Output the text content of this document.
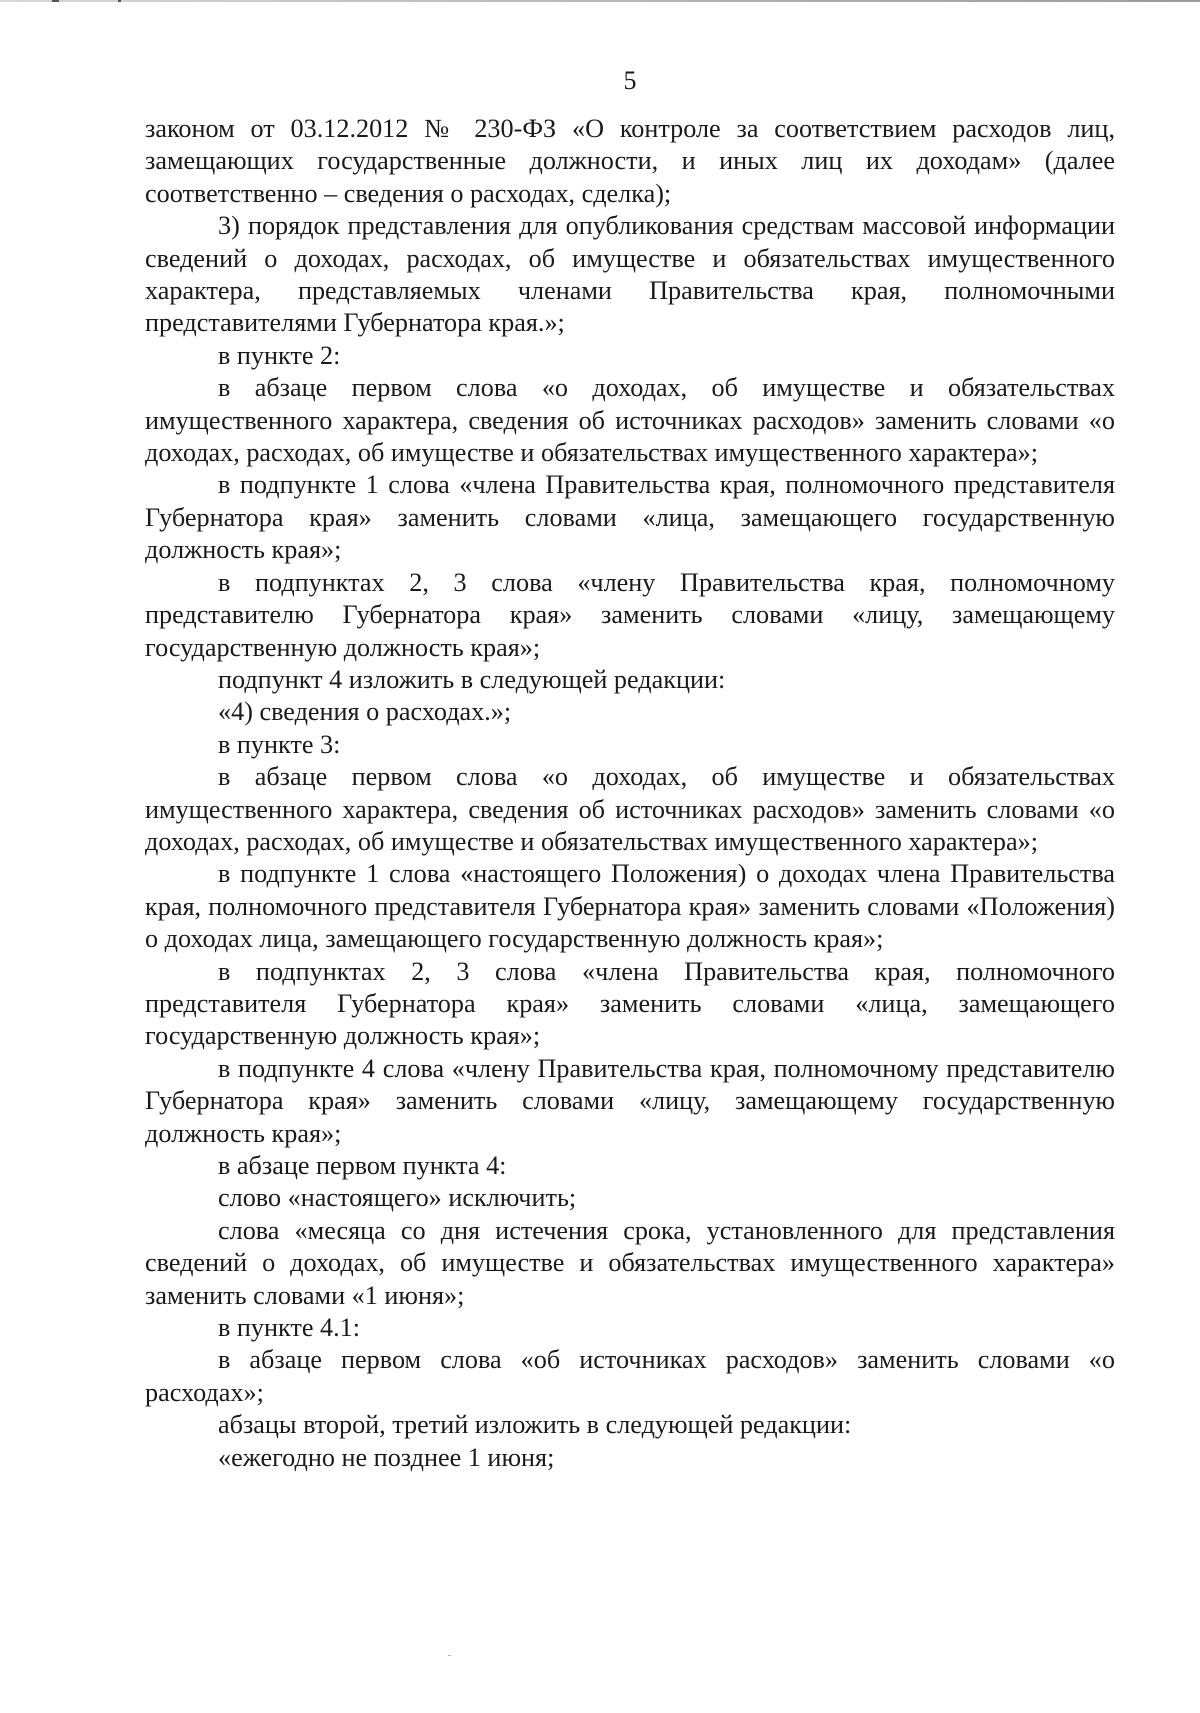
5

законом от 03.12.2012 № 230-ФЗ «О контроле за соответствием расходов лиц, замещающих государственные должности, и иных лиц их доходам» (далее соответственно – сведения о расходах, сделка);

3) порядок представления для опубликования средствам массовой информации сведений о доходах, расходах, об имуществе и обязательствах имущественного характера, представляемых членами Правительства края, полномочными представителями Губернатора края.»;

в пункте 2:

в абзаце первом слова «о доходах, об имуществе и обязательствах имущественного характера, сведения об источниках расходов» заменить словами «о доходах, расходах, об имуществе и обязательствах имущественного характера»;

в подпункте 1 слова «члена Правительства края, полномочного представителя Губернатора края» заменить словами «лица, замещающего государственную должность края»;

в подпунктах 2, 3 слова «члену Правительства края, полномочному представителю Губернатора края» заменить словами «лицу, замещающему государственную должность края»;

подпункт 4 изложить в следующей редакции:

«4) сведения о расходах.»;

в пункте 3:

в абзаце первом слова «о доходах, об имуществе и обязательствах имущественного характера, сведения об источниках расходов» заменить словами «о доходах, расходах, об имуществе и обязательствах имущественного характера»;

в подпункте 1 слова «настоящего Положения) о доходах члена Правительства края, полномочного представителя Губернатора края» заменить словами «Положения) о доходах лица, замещающего государственную должность края»;

в подпунктах 2, 3 слова «члена Правительства края, полномочного представителя Губернатора края» заменить словами «лица, замещающего государственную должность края»;

в подпункте 4 слова «члену Правительства края, полномочному представителю Губернатора края» заменить словами «лицу, замещающему государственную должность края»;

в абзаце первом пункта 4:

слово «настоящего» исключить;

слова «месяца со дня истечения срока, установленного для представления сведений о доходах, об имуществе и обязательствах имущественного характера» заменить словами «1 июня»;

в пункте 4.1:

в абзаце первом слова «об источниках расходов» заменить словами «о расходах»;

абзацы второй, третий изложить в следующей редакции:

«ежегодно не позднее 1 июня;
